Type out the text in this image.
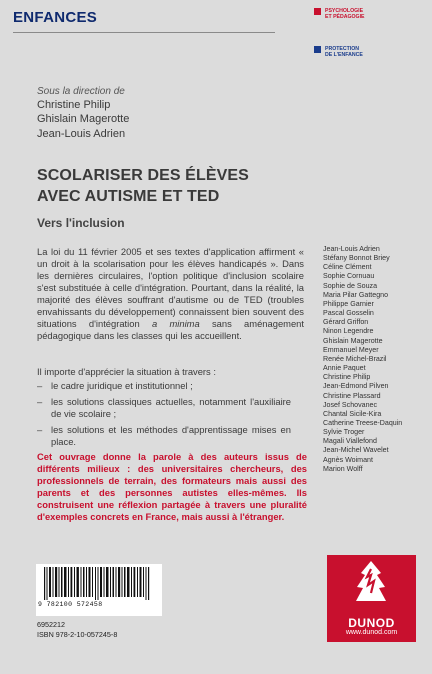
ENFANCES	PSYCHOLOGIE
ET PÉDAGOGIE
PROTECTION
DE L'ENFANCE
Sous la direction de
Christine Philip
Ghislain Magerotte
Jean-Louis Adrien
SCOLARISER DES ÉLÈVES
AVEC AUTISME ET TED
Vers l'inclusion
La loi du 11 février 2005 et ses textes d'application affirment « un droit à la scolarisation pour les élèves handicapés ». Dans les dernières circulaires, l'option politique d'inclusion scolaire s'est substituée à celle d'intégration. Pourtant, dans la réalité, la majorité des élèves souffrant d'autisme ou de TED (troubles envahissants du développement) connaissent bien souvent des situations d'intégration a minima sans aménagement pédagogique dans les classes qui les accueillent.
Il importe d'apprécier la situation à travers :
– le cadre juridique et institutionnel ;
– les solutions classiques actuelles, notamment l'auxiliaire de vie scolaire ;
– les solutions et les méthodes d'apprentissage mises en place.
Cet ouvrage donne la parole à des auteurs issus de différents milieux : des universitaires chercheurs, des professionnels de terrain, des formateurs mais aussi des parents et des personnes autistes elles-mêmes. Ils construisent une réflexion partagée à travers une pluralité d'exemples concrets en France, mais aussi à l'étranger.
Jean-Louis Adrien
Stéfany Bonnot Briey
Céline Clément
Sophie Cornuau
Sophie de Souza
Maria Pilar Gattegno
Philippe Garnier
Pascal Gosselin
Gérard Griffon
Ninon Legendre
Ghislain Magerotte
Emmanuel Meyer
Renée Michel-Brazil
Annie Paquet
Christine Philip
Jean-Edmond Pilven
Christine Plassard
Josef Schovanec
Chantal Sicile-Kira
Catherine Treese-Daquin
Sylvie Troger
Magali Viallefond
Jean-Michel Wavelet
Agnès Woimant
Marion Wolff
9 782100 572458
6952212
ISBN 978-2-10-057245-8
DUNOD
www.dunod.com
